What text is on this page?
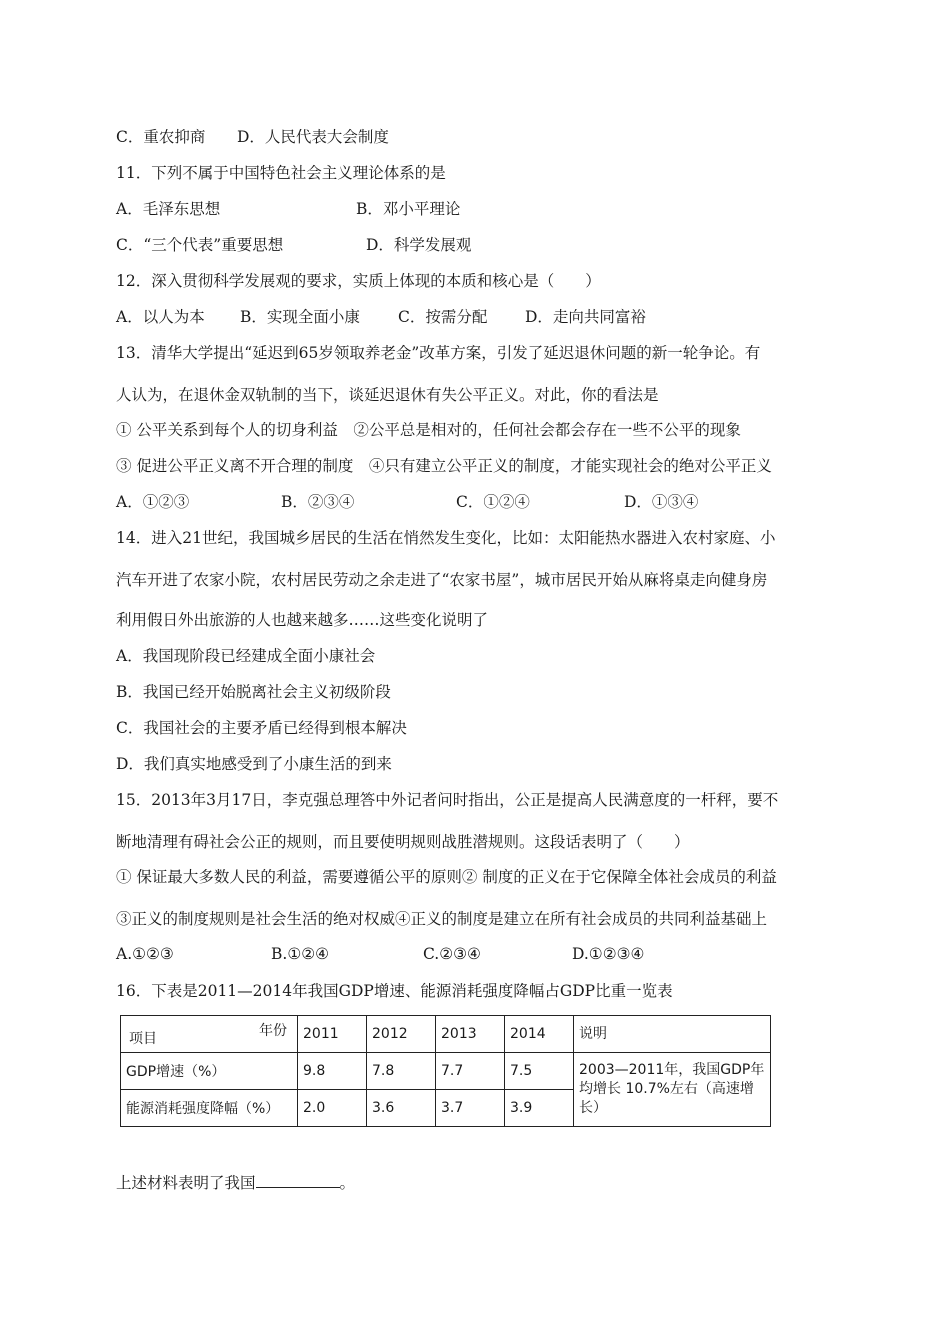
C．重农抑商 D．人民代表大会制度
11．下列不属于中国特色社会主义理论体系的是
A．毛泽东思想	B．邓小平理论
C．“三个代表”重要思想	D．科学发展观
12．深入贯彻科学发展观的要求，实质上体现的本质和核心是（　　）
A．以人为本 B．实现全面小康 C．按需分配 D．走向共同富裕
13．清华大学提出“延迟到65岁领取养老金”改革方案，引发了延迟退休问题的新一轮争论。有
人认为，在退休金双轨制的当下，谈延迟退休有失公平正义。对此，你的看法是
① 公平关系到每个人的切身利益　②公平总是相对的，任何社会都会存在一些不公平的现象
③ 促进公平正义离不开合理的制度　④只有建立公平正义的制度，才能实现社会的绝对公平正义
A．①②③	B．②③④	C．①②④	D．①③④
14．进入21世纪，我国城乡居民的生活在悄然发生变化，比如：太阳能热水器进入农村家庭、小
汽车开进了农家小院，农村居民劳动之余走进了“农家书屋”，城市居民开始从麻将桌走向健身房
利用假日外出旅游的人也越来越多……这些变化说明了
A．我国现阶段已经建成全面小康社会
B．我国已经开始脱离社会主义初级阶段
C．我国社会的主要矛盾已经得到根本解决
D．我们真实地感受到了小康生活的到来
15．2013年3月17日，李克强总理答中外记者问时指出，公正是提高人民满意度的一杆秤，要不
断地清理有碍社会公正的规则，而且要使明规则战胜潜规则。这段话表明了（　　）
① 保证最大多数人民的利益，需要遵循公平的原则② 制度的正义在于它保障全体社会成员的利益
③正义的制度规则是社会生活的绝对权威④正义的制度是建立在所有社会成员的共同利益基础上
A.①②③	B.①②④	C.②③④	D.①②③④
16．下表是2011—2014年我国GDP增速、能源消耗强度降幅占GDP比重一览表
年份
项目	2011	2012	2013	2014	说明
GDP增速（%）	9.8	7.8	7.7	7.5	2003—2011年，我国GDP年均增长 10.7%左右（高速增长）
能源消耗强度降幅（%）	2.0	3.6	3.7	3.9	
上述材料表明了我国	。
